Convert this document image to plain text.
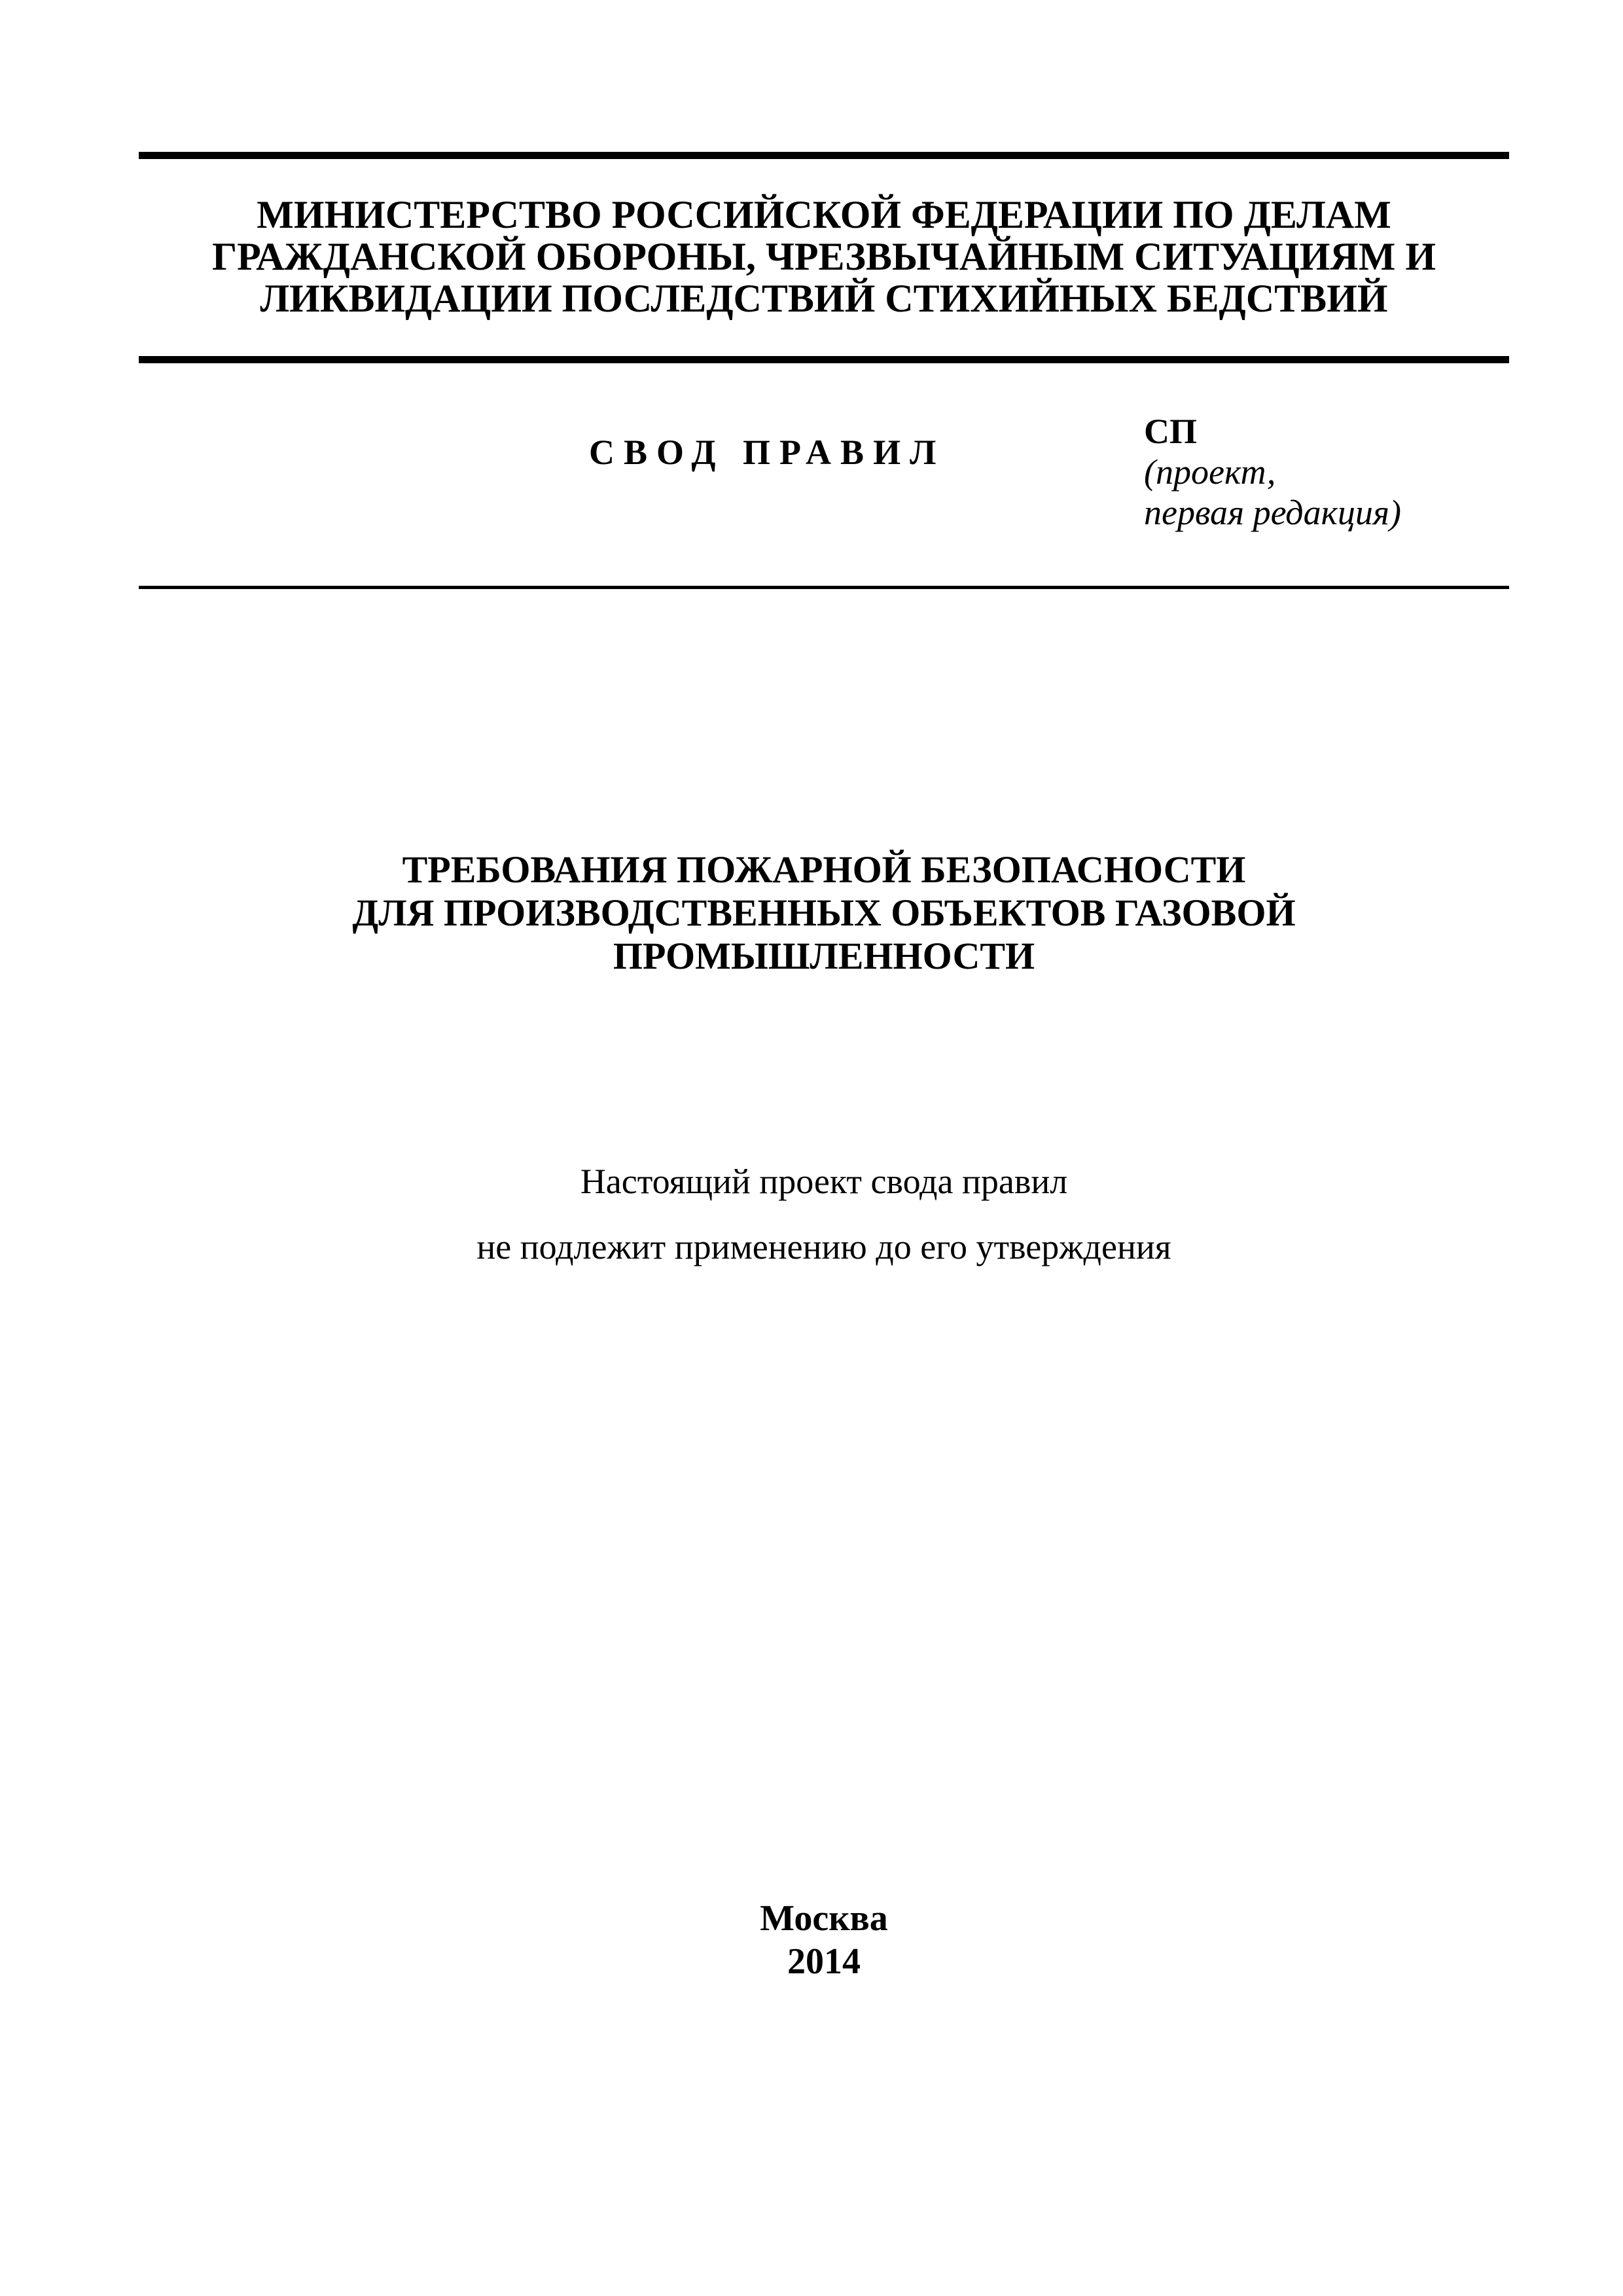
МИНИСТЕРСТВО РОССИЙСКОЙ ФЕДЕРАЦИИ ПО ДЕЛАМ
ГРАЖДАНСКОЙ ОБОРОНЫ, ЧРЕЗВЫЧАЙНЫМ СИТУАЦИЯМ И
ЛИКВИДАЦИИ ПОСЛЕДСТВИЙ СТИХИЙНЫХ БЕДСТВИЙ
СВОД ПРАВИЛ
СП
(проект,
первая редакция)
ТРЕБОВАНИЯ ПОЖАРНОЙ БЕЗОПАСНОСТИ
ДЛЯ ПРОИЗВОДСТВЕННЫХ ОБЪЕКТОВ ГАЗОВОЙ
ПРОМЫШЛЕННОСТИ
Настоящий проект свода правил
не подлежит применению до его утверждения
Москва
2014
